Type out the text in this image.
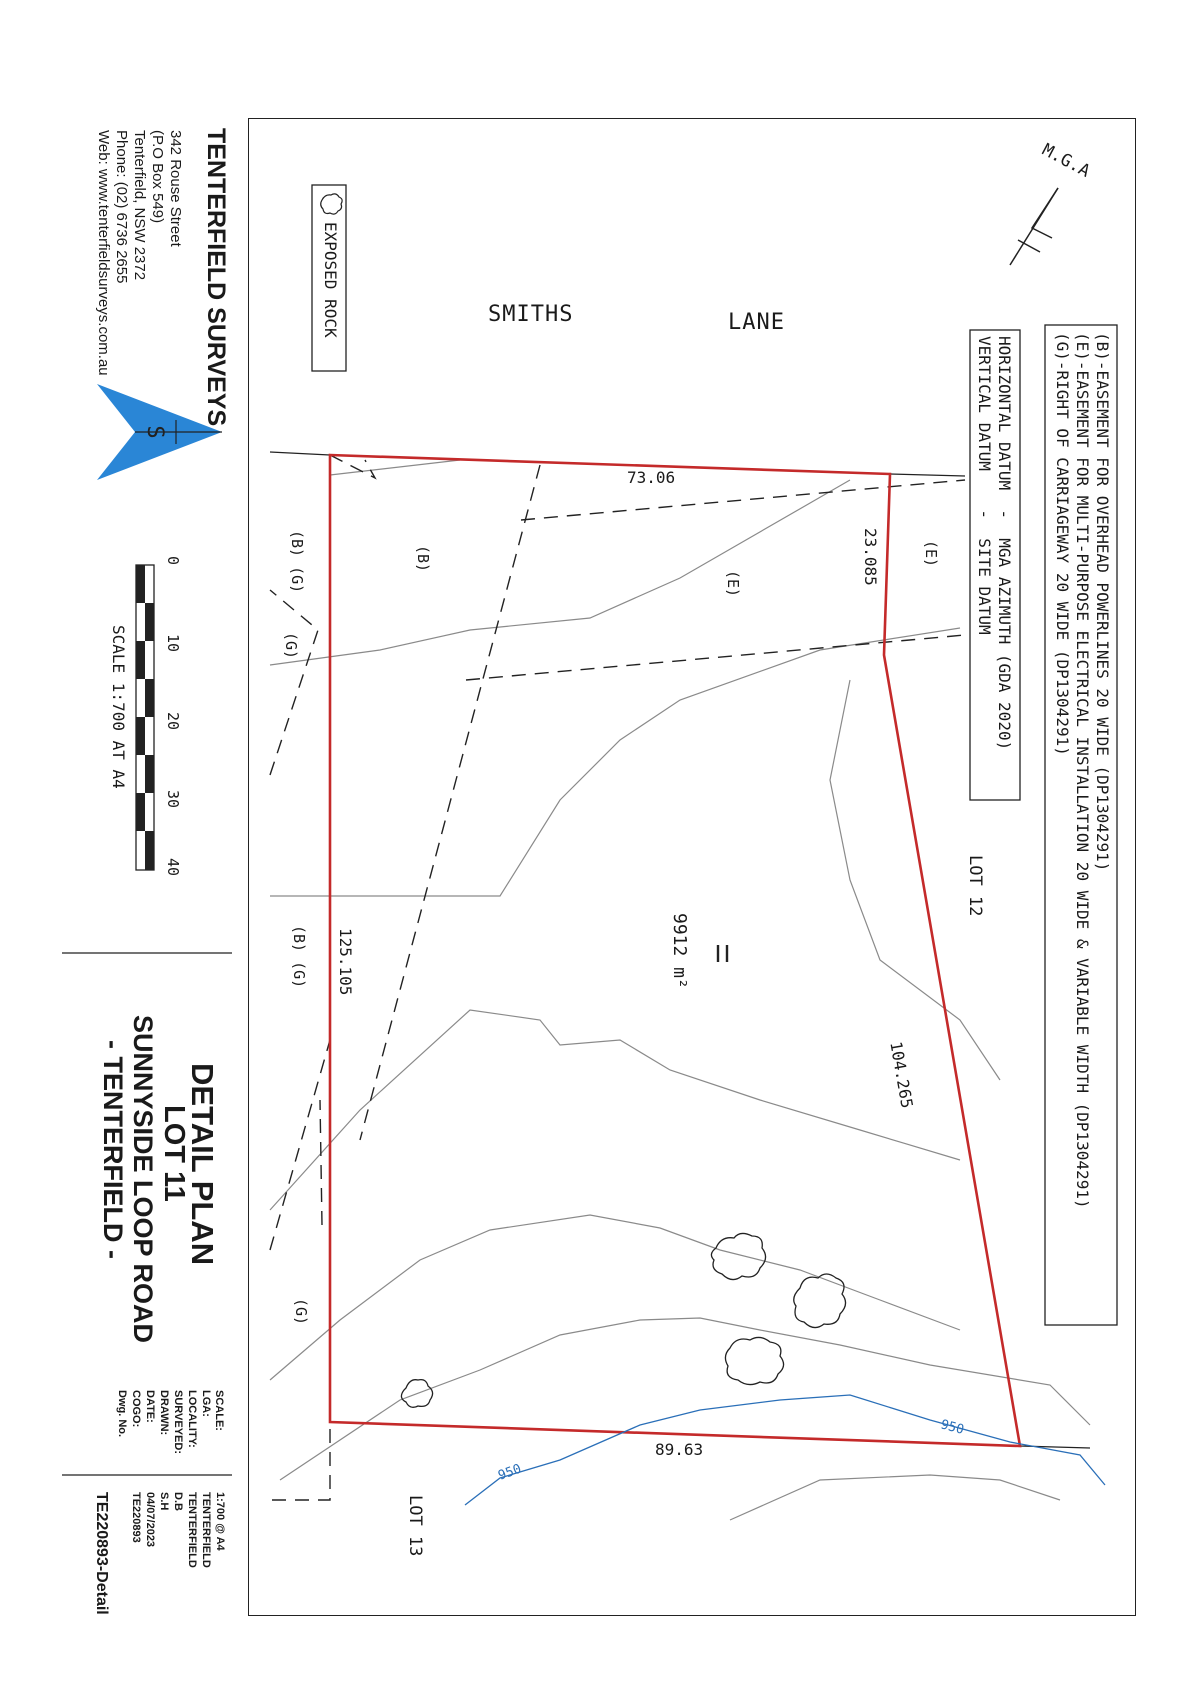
950
950
S
TENTERFIELD SURVEYS
342 Rouse Street
(P.O Box 549)
Tenterfield, NSW 2372
Phone: (02) 6736 2655
Web: www.tenterfieldsurveys.com.au
0
10
20
30
40
SCALE 1:700 AT A4
DETAIL PLAN
LOT 11
SUNNYSIDE LOOP ROAD
- TENTERFIELD -
SCALE:
LGA:
LOCALITY:
SURVEYED:
DRAWN:
DATE:
COGO:
Dwg. No.
1:700 @ A4
TENTERFIELD
TENTERFIELD
D.B
S.H
04/07/2023
TE220893
TE220893-Detail
EXPOSED ROCK
M.G.A
(B)-EASEMENT FOR OVERHEAD POWERLINES 20 WIDE (DP1304291)
(E)-EASEMENT FOR MULTI-PURPOSE ELECTRICAL INSTALLATION 20 WIDE & VARIABLE WIDTH (DP1304291)
(G)-RIGHT OF CARRIAGEWAY 20 WIDE (DP1304291)
HORIZONTAL DATUM  -  MGA AZIMUTH (GDA 2020)
VERTICAL DATUM    -  SITE DATUM
SMITHS	LANE
73.06
23.085
104.265
89.63
125.105
(B)
(E)
(E)
(B) (G)
(G)
(B) (G)
(G)
LOT 12
LOT 13
9912 m²
